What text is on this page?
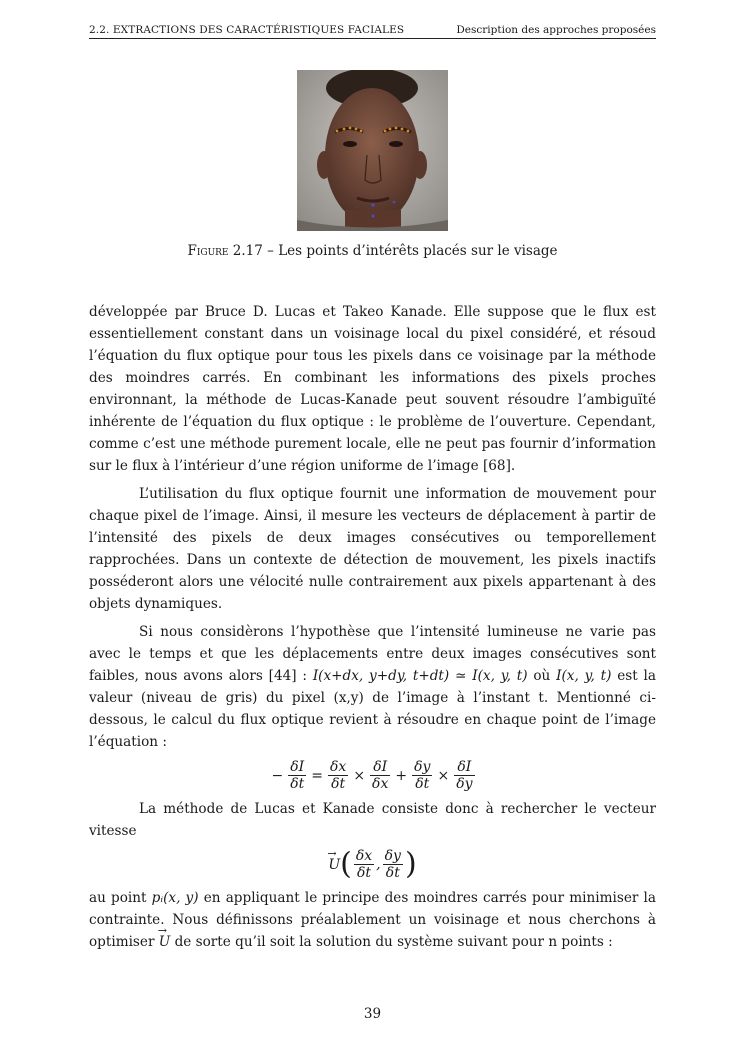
2.2. EXTRACTIONS DES CARACTÉRISTIQUES FACIALES	Description des approches proposées
Figure 2.17 – Les points d’intérêts placés sur le visage

développée par Bruce D. Lucas et Takeo Kanade. Elle suppose que le flux est essentiellement constant dans un voisinage local du pixel considéré, et résoud l’équation du flux optique pour tous les pixels dans ce voisinage par la méthode des moindres carrés. En combinant les informations des pixels proches environnant, la méthode de Lucas-Kanade peut souvent résoudre l’ambiguïté inhérente de l’équation du flux optique : le problème de l’ouverture. Cependant, comme c’est une méthode purement locale, elle ne peut pas fournir d’information sur le flux à l’intérieur d’une région uniforme de l’image [68].

L’utilisation du flux optique fournit une information de mouvement pour chaque pixel de l’image. Ainsi, il mesure les vecteurs de déplacement à partir de l’intensité des pixels de deux images consécutives ou temporellement rapprochées. Dans un contexte de détection de mouvement, les pixels inactifs posséderont alors une vélocité nulle contrairement aux pixels appartenant à des objets dynamiques.

Si nous considèrons l’hypothèse que l’intensité lumineuse ne varie pas avec le temps et que les déplacements entre deux images consécutives sont faibles, nous avons alors [44] : I(x+dx, y+dy, t+dt) ≃ I(x, y, t) où I(x, y, t) est la valeur (niveau de gris) du pixel (x,y) de l’image à l’instant t. Mentionné ci-dessous, le calcul du flux optique revient à résoudre en chaque point de l’image l’équation :

− $\frac{\delta I}{\delta t} = \frac{\delta x}{\delta t} \times \frac{\delta I}{\delta x} + \frac{\delta y}{\delta t} \times \frac{\delta I}{\delta y}$

La méthode de Lucas et Kanade consiste donc à rechercher le vecteur vitesse

→ $U( \frac{\delta x}{\delta t}$ , $\frac{\delta y}{\delta t}$ )

au point pᵢ(x, y) en appliquant le principe des moindres carrés pour minimiser la contrainte. Nous définissons préalablement un voisinage et nous cherchons à optimiser → U de sorte qu’il soit la solution du système suivant pour n points :

39
